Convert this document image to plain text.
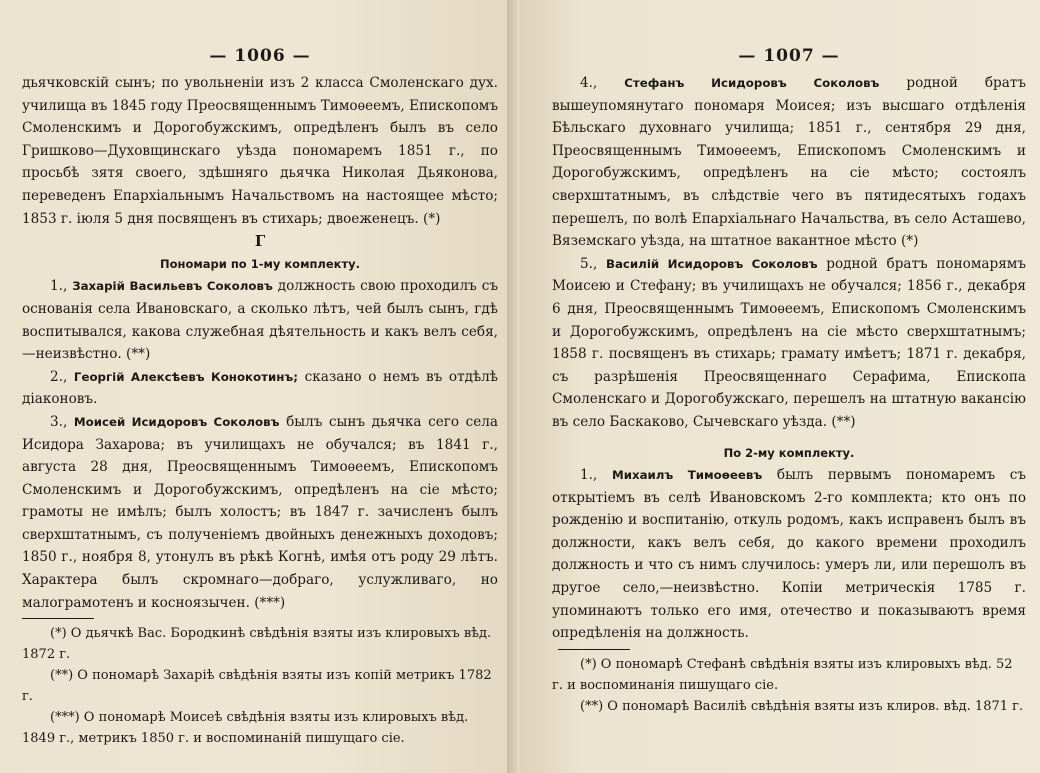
— 1006 —

дьячковскій сынъ; по увольненіи изъ 2 класса Смоленскаго дух. училища въ 1845 году Преосвященнымъ Тимоѳеемъ, Епископомъ Смоленскимъ и Дорогобужскимъ, опредѣленъ былъ въ село Гришково—Духовщинскаго уѣзда пономаремъ 1851 г., по просьбѣ зятя своего, здѣшняго дьячка Николая Дьяконова, переведенъ Епархіальнымъ Начальствомъ на настоящее мѣсто; 1853 г. іюля 5 дня посвященъ въ стихарь; двоеженецъ. (*)

Г

Пономари по 1-му комплекту.

1., Захарій Васильевъ Соколовъ должность свою проходилъ съ основанія села Ивановскаго, а сколько лѣтъ, чей былъ сынъ, гдѣ воспитывался, какова служебная дѣятельность и какъ велъ себя,—неизвѣстно. (**)

2., Георгій Алексѣевъ Конокотинъ; сказано о немъ въ отдѣлѣ діаконовъ.

3., Моисей Исидоровъ Соколовъ былъ сынъ дьячка сего села Исидора Захарова; въ училищахъ не обучался; въ 1841 г., августа 28 дня, Преосвященнымъ Тимоѳеемъ, Епископомъ Смоленскимъ и Дорогобужскимъ, опредѣленъ на сіе мѣсто; грамоты не имѣлъ; былъ холостъ; въ 1847 г. зачисленъ былъ сверхштатнымъ, съ полученіемъ двойныхъ денежныхъ доходовъ; 1850 г., ноября 8, утонулъ въ рѣкѣ Когнѣ, имѣя отъ роду 29 лѣтъ. Характера былъ скромнаго—добраго, услужливаго, но малограмотенъ и косноязычен. (***)

(*) О дьячкѣ Вас. Бородкинѣ свѣдѣнія взяты изъ клировыхъ вѣд. 1872 г.

(**) О пономарѣ Захаріѣ свѣдѣнія взяты изъ копій метрикъ 1782 г.

(***) О пономарѣ Моисеѣ свѣдѣнія взяты изъ клировыхъ вѣд. 1849 г., метрикъ 1850 г. и воспоминаній пишущаго сіе.

— 1007 —

4., Стефанъ Исидоровъ Соколовъ родной братъ вышеупомянутаго пономаря Моисея; изъ высшаго отдѣленія Бѣльскаго духовнаго училища; 1851 г., сентября 29 дня, Преосвященнымъ Тимоѳеемъ, Епископомъ Смоленскимъ и Дорогобужскимъ, опредѣленъ на сіе мѣсто; состоялъ сверхштатнымъ, въ слѣдствіе чего въ пятидесятыхъ годахъ перешелъ, по волѣ Епархіальнаго Начальства, въ село Асташево, Вяземскаго уѣзда, на штатное вакантное мѣсто (*)

5., Василій Исидоровъ Соколовъ родной братъ пономарямъ Моисею и Стефану; въ училищахъ не обучался; 1856 г., декабря 6 дня, Преосвященнымъ Тимоѳеемъ, Епископомъ Смоленскимъ и Дорогобужскимъ, опредѣленъ на сіе мѣсто сверхштатнымъ; 1858 г. посвященъ въ стихарь; грамату имѣетъ; 1871 г. декабря, съ разрѣшенія Преосвященнаго Серафима, Епископа Смоленскаго и Дорогобужскаго, перешелъ на штатную вакансію въ село Баскаково, Сычевскаго уѣзда. (**)

По 2-му комплекту.

1., Михаилъ Тимоѳеевъ былъ первымъ пономаремъ съ открытіемъ въ селѣ Ивановскомъ 2-го комплекта; кто онъ по рожденію и воспитанію, откуль родомъ, какъ исправенъ былъ въ должности, какъ велъ себя, до какого времени проходилъ должность и что съ нимъ случилось: умеръ ли, или перешолъ въ другое село,—неизвѣстно. Копіи метрическія 1785 г. упоминаютъ только его имя, отечество и показываютъ время опредѣленія на должность.

(*) О пономарѣ Стефанѣ свѣдѣнія взяты изъ клировыхъ вѣд. 52 г. и воспоминанія пишущаго сіе.

(**) О пономарѣ Василіѣ свѣдѣнія взяты изъ клиров. вѣд. 1871 г.
